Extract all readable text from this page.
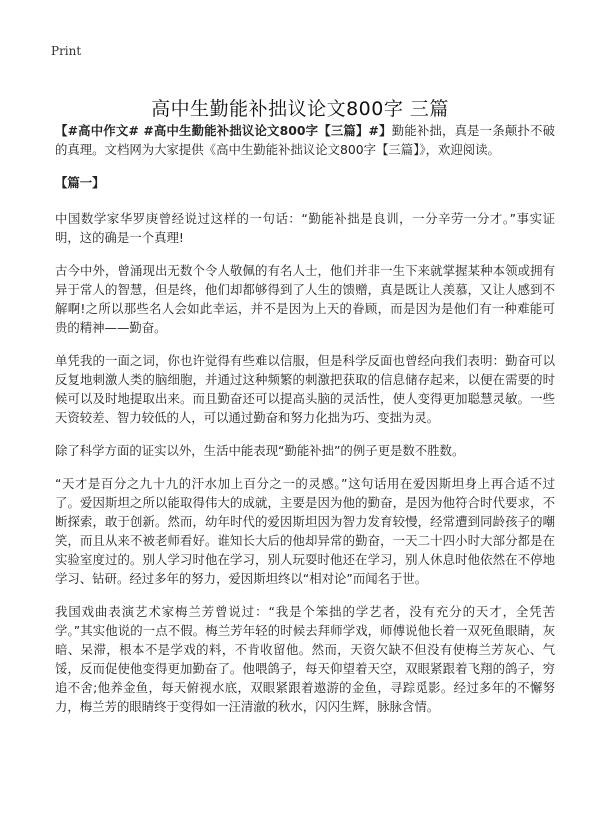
Print
高中生勤能补拙议论文800字 三篇

【#高中作文# #高中生勤能补拙议论文800字【三篇】#】勤能补拙，真是一条颠扑不破的真理。文档网为大家提供《高中生勤能补拙议论文800字【三篇】》，欢迎阅读。

【篇一】

中国数学家华罗庚曾经说过这样的一句话：“勤能补拙是良训，一分辛劳一分才。”事实证明，这的确是一个真理!

古今中外，曾涌现出无数个令人敬佩的有名人士，他们并非一生下来就掌握某种本领或拥有异于常人的智慧，但是终，他们却都够得到了人生的馈赠，真是既让人羡慕，又让人感到不解啊!之所以那些名人会如此幸运，并不是因为上天的眷顾，而是因为是他们有一种难能可贵的精神——勤奋。

单凭我的一面之词，你也许觉得有些难以信服，但是科学反面也曾经向我们表明：勤奋可以反复地刺激人类的脑细胞，并通过这种频繁的刺激把获取的信息储存起来，以便在需要的时候可以及时地提取出来。而且勤奋还可以提高头脑的灵活性，使人变得更加聪慧灵敏。一些天资较差、智力较低的人，可以通过勤奋和努力化拙为巧、变拙为灵。

除了科学方面的证实以外，生活中能表现“勤能补拙”的例子更是数不胜数。

“天才是百分之九十九的汗水加上百分之一的灵感。”这句话用在爱因斯坦身上再合适不过了。爱因斯坦之所以能取得伟大的成就，主要是因为他的勤奋，是因为他符合时代要求，不断探索，敢于创新。然而，幼年时代的爱因斯坦因为智力发育较慢，经常遭到同龄孩子的嘲笑，而且从来不被老师看好。谁知长大后的他却异常的勤奋，一天二十四小时大部分都是在实验室度过的。别人学习时他在学习，别人玩耍时他还在学习，别人休息时他依然在不停地学习、钻研。经过多年的努力，爱因斯坦终以“相对论”而闻名于世。

我国戏曲表演艺术家梅兰芳曾说过：“我是个笨拙的学艺者，没有充分的天才，全凭苦学。”其实他说的一点不假。梅兰芳年轻的时候去拜师学戏，师傅说他长着一双死鱼眼睛，灰暗、呆滞，根本不是学戏的料，不肯收留他。然而，天资欠缺不但没有使梅兰芳灰心、气馁，反而促使他变得更加勤奋了。他喂鸽子，每天仰望着天空，双眼紧跟着飞翔的鸽子，穷追不舍;他养金鱼，每天俯视水底，双眼紧跟着遨游的金鱼，寻踪觅影。经过多年的不懈努力，梅兰芳的眼睛终于变得如一汪清澈的秋水，闪闪生辉，脉脉含情。
